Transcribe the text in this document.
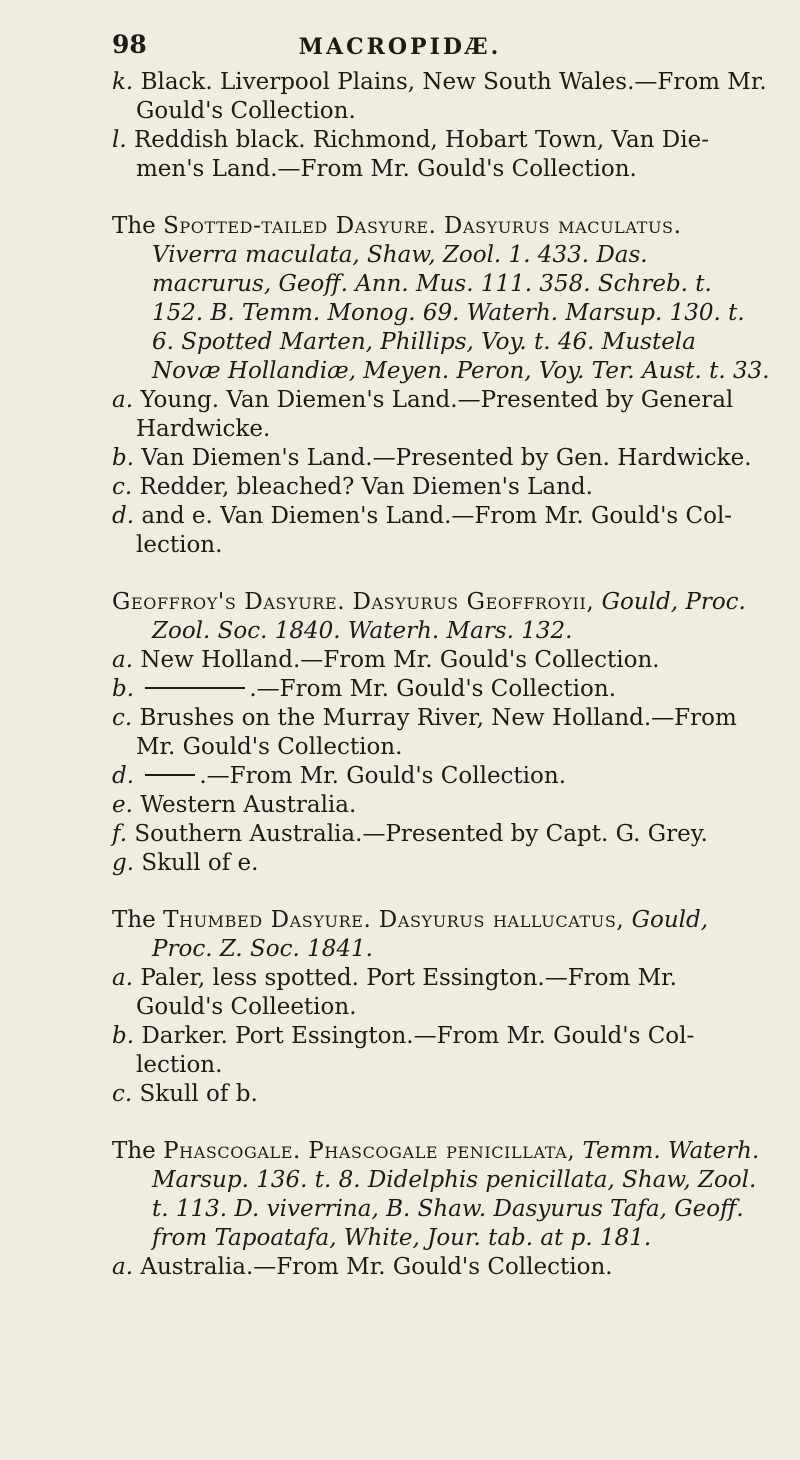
98	MACROPIDÆ.

k. Black. Liverpool Plains, New South Wales.—From Mr. Gould's Collection.

l. Reddish black. Richmond, Hobart Town, Van Die-men's Land.—From Mr. Gould's Collection.

The Spotted-tailed Dasyure. Dasyurus maculatus. Viverra maculata, Shaw, Zool. 1. 433. Das. macrurus, Geoff. Ann. Mus. 111. 358. Schreb. t. 152. B. Temm. Monog. 69. Waterh. Marsup. 130. t. 6. Spotted Marten, Phillips, Voy. t. 46. Mustela Novæ Hollandiæ, Meyen. Peron, Voy. Ter. Aust. t. 33.

a. Young. Van Diemen's Land.—Presented by General Hardwicke.

b. Van Diemen's Land.—Presented by Gen. Hardwicke.

c. Redder, bleached? Van Diemen's Land.

d. and e. Van Diemen's Land.—From Mr. Gould's Col-lection.

Geoffroy's Dasyure. Dasyurus Geoffroyii, Gould, Proc. Zool. Soc. 1840. Waterh. Mars. 132.

a. New Holland.—From Mr. Gould's Collection.

b.	.—From Mr. Gould's Collection.

c. Brushes on the Murray River, New Holland.—From Mr. Gould's Collection.

d.	.—From Mr. Gould's Collection.

e. Western Australia.

f. Southern Australia.—Presented by Capt. G. Grey.

g. Skull of e.

The Thumbed Dasyure. Dasyurus hallucatus, Gould, Proc. Z. Soc. 1841.

a. Paler, less spotted. Port Essington.—From Mr. Gould's Colleetion.

b. Darker. Port Essington.—From Mr. Gould's Col-lection.

c. Skull of b.

The Phascogale. Phascogale penicillata, Temm. Waterh. Marsup. 136. t. 8. Didelphis penicillata, Shaw, Zool. t. 113. D. viverrina, B. Shaw. Dasyurus Tafa, Geoff. from Tapoatafa, White, Jour. tab. at p. 181.

a. Australia.—From Mr. Gould's Collection.
